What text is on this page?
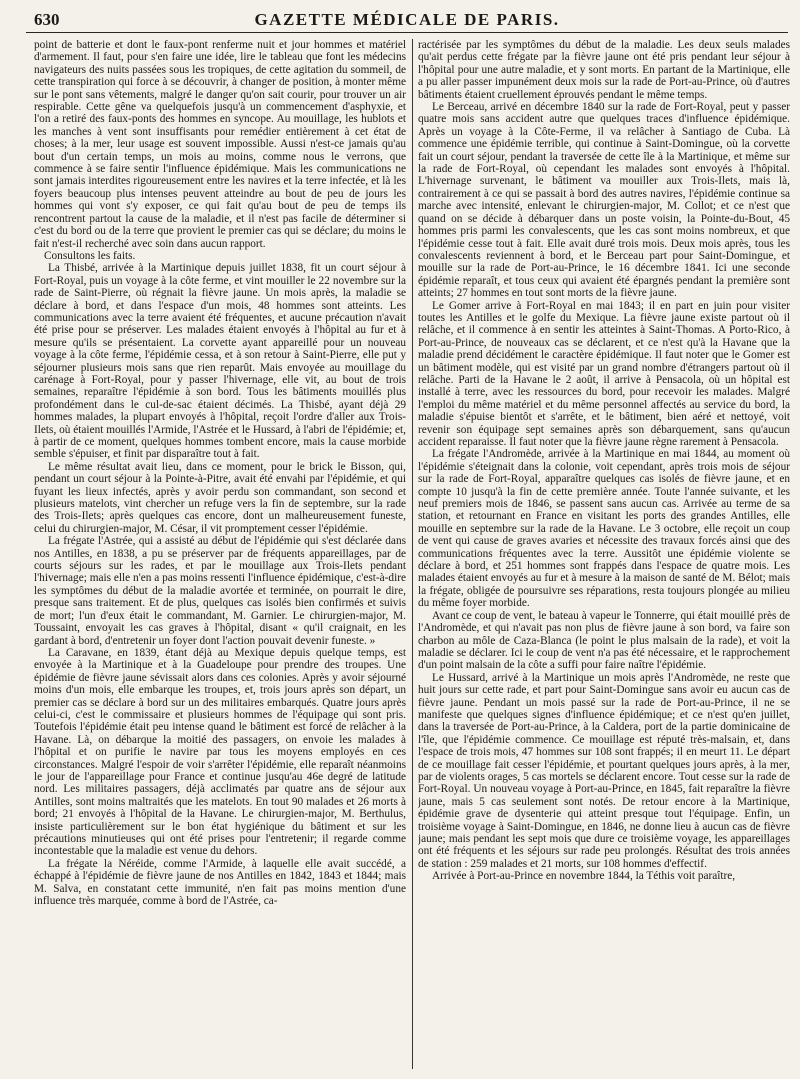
630	GAZETTE MÉDICALE DE PARIS.

point de batterie et dont le faux-pont renferme nuit et jour hommes et matériel d'armement. Il faut, pour s'en faire une idée, lire le tableau que font les médecins navigateurs des nuits passées sous les tropiques, de cette agitation du sommeil, de cette transpiration qui force à se découvrir, à changer de position, à monter même sur le pont sans vêtements, malgré le danger qu'on sait courir, pour trouver un air respirable. Cette gêne va quelquefois jusqu'à un commencement d'asphyxie, et l'on a retiré des faux-ponts des hommes en syncope. Au mouillage, les hublots et les manches à vent sont insuffisants pour remédier entièrement à cet état de choses; à la mer, leur usage est souvent impossible. Aussi n'est-ce jamais qu'au bout d'un certain temps, un mois au moins, comme nous le verrons, que commence à se faire sentir l'influence épidémique. Mais les communications ne sont jamais interdites rigoureusement entre les navires et la terre infectée, et là les foyers beaucoup plus intenses peuvent atteindre au bout de peu de jours les hommes qui vont s'y exposer, ce qui fait qu'au bout de peu de temps ils rencontrent partout la cause de la maladie, et il n'est pas facile de déterminer si c'est du bord ou de la terre que provient le premier cas qui se déclare; du moins le fait n'est-il recherché avec soin dans aucun rapport.

Consultons les faits.

La Thisbé, arrivée à la Martinique depuis juillet 1838, fit un court séjour à Fort-Royal, puis un voyage à la côte ferme, et vint mouiller le 22 novembre sur la rade de Saint-Pierre, où régnait la fièvre jaune. Un mois après, la maladie se déclare à bord, et dans l'espace d'un mois, 48 hommes sont atteints. Les communications avec la terre avaient été fréquentes, et aucune précaution n'avait été prise pour se préserver. Les malades étaient envoyés à l'hôpital au fur et à mesure qu'ils se présentaient. La corvette ayant appareillé pour un nouveau voyage à la côte ferme, l'épidémie cessa, et à son retour à Saint-Pierre, elle put y séjourner plusieurs mois sans que rien reparût. Mais envoyée au mouillage du carénage à Fort-Royal, pour y passer l'hivernage, elle vit, au bout de trois semaines, reparaître l'épidémie à son bord. Tous les bâtiments mouillés plus profondément dans le cul-de-sac étaient décimés. La Thisbé, ayant déjà 29 hommes malades, la plupart envoyés à l'hôpital, reçoit l'ordre d'aller aux Trois-Ilets, où étaient mouillés l'Armide, l'Astrée et le Hussard, à l'abri de l'épidémie; et, à partir de ce moment, quelques hommes tombent encore, mais la cause morbide semble s'épuiser, et finit par disparaître tout à fait.

Le même résultat avait lieu, dans ce moment, pour le brick le Bisson, qui, pendant un court séjour à la Pointe-à-Pitre, avait été envahi par l'épidémie, et qui fuyant les lieux infectés, après y avoir perdu son commandant, son second et plusieurs matelots, vint chercher un refuge vers la fin de septembre, sur la rade des Trois-Ilets; après quelques cas encore, dont un malheureusement funeste, celui du chirurgien-major, M. César, il vit promptement cesser l'épidémie.

La frégate l'Astrée, qui a assisté au début de l'épidémie qui s'est déclarée dans nos Antilles, en 1838, a pu se préserver par de fréquents appareillages, par de courts séjours sur les rades, et par le mouillage aux Trois-Ilets pendant l'hivernage; mais elle n'en a pas moins ressenti l'influence épidémique, c'est-à-dire les symptômes du début de la maladie avortée et terminée, on pourrait le dire, presque sans traitement. Et de plus, quelques cas isolés bien confirmés et suivis de mort; l'un d'eux était le commandant, M. Garnier. Le chirurgien-major, M. Toussaint, envoyait les cas graves à l'hôpital, disant « qu'il craignait, en les gardant à bord, d'entretenir un foyer dont l'action pouvait devenir funeste. »

La Caravane, en 1839, étant déjà au Mexique depuis quelque temps, est envoyée à la Martinique et à la Guadeloupe pour prendre des troupes. Une épidémie de fièvre jaune sévissait alors dans ces colonies. Après y avoir séjourné moins d'un mois, elle embarque les troupes, et, trois jours après son départ, un premier cas se déclare à bord sur un des militaires embarqués. Quatre jours après celui-ci, c'est le commissaire et plusieurs hommes de l'équipage qui sont pris. Toutefois l'épidémie était peu intense quand le bâtiment est forcé de relâcher à la Havane. Là, on débarque la moitié des passagers, on envoie les malades à l'hôpital et on purifie le navire par tous les moyens employés en ces circonstances. Malgré l'espoir de voir s'arrêter l'épidémie, elle reparaît néanmoins le jour de l'appareillage pour France et continue jusqu'au 46e degré de latitude nord. Les militaires passagers, déjà acclimatés par quatre ans de séjour aux Antilles, sont moins maltraités que les matelots. En tout 90 malades et 26 morts à bord; 21 envoyés à l'hôpital de la Havane. Le chirurgien-major, M. Berthulus, insiste particulièrement sur le bon état hygiénique du bâtiment et sur les précautions minutieuses qui ont été prises pour l'entretenir; il regarde comme incontestable que la maladie est venue du dehors.

La frégate la Néréide, comme l'Armide, à laquelle elle avait succédé, a échappé à l'épidémie de fièvre jaune de nos Antilles en 1842, 1843 et 1844; mais M. Salva, en constatant cette immunité, n'en fait pas moins mention d'une influence très marquée, comme à bord de l'Astrée, ca-

ractérisée par les symptômes du début de la maladie. Les deux seuls malades qu'ait perdus cette frégate par la fièvre jaune ont été pris pendant leur séjour à l'hôpital pour une autre maladie, et y sont morts. En partant de la Martinique, elle a pu aller passer impunément deux mois sur la rade de Port-au-Prince, où d'autres bâtiments étaient cruellement éprouvés pendant le même temps.

Le Berceau, arrivé en décembre 1840 sur la rade de Fort-Royal, peut y passer quatre mois sans accident autre que quelques traces d'influence épidémique. Après un voyage à la Côte-Ferme, il va relâcher à Santiago de Cuba. Là commence une épidémie terrible, qui continue à Saint-Domingue, où la corvette fait un court séjour, pendant la traversée de cette île à la Martinique, et même sur la rade de Fort-Royal, où cependant les malades sont envoyés à l'hôpital. L'hivernage survenant, le bâtiment va mouiller aux Trois-Ilets, mais là, contrairement à ce qui se passait à bord des autres navires, l'épidémie continue sa marche avec intensité, enlevant le chirurgien-major, M. Collot; et ce n'est que quand on se décide à débarquer dans un poste voisin, la Pointe-du-Bout, 45 hommes pris parmi les convalescents, que les cas sont moins nombreux, et que l'épidémie cesse tout à fait. Elle avait duré trois mois. Deux mois après, tous les convalescents reviennent à bord, et le Berceau part pour Saint-Domingue, et mouille sur la rade de Port-au-Prince, le 16 décembre 1841. Ici une seconde épidémie reparaît, et tous ceux qui avaient été épargnés pendant la première sont atteints; 27 hommes en tout sont morts de la fièvre jaune.

Le Gomer arrive à Fort-Royal en mai 1843; il en part en juin pour visiter toutes les Antilles et le golfe du Mexique. La fièvre jaune existe partout où il relâche, et il commence à en sentir les atteintes à Saint-Thomas. A Porto-Rico, à Port-au-Prince, de nouveaux cas se déclarent, et ce n'est qu'à la Havane que la maladie prend décidément le caractère épidémique. Il faut noter que le Gomer est un bâtiment modèle, qui est visité par un grand nombre d'étrangers partout où il relâche. Parti de la Havane le 2 août, il arrive à Pensacola, où un hôpital est installé à terre, avec les ressources du bord, pour recevoir les malades. Malgré l'emploi du même matériel et du même personnel affectés au service du bord, la maladie s'épuise bientôt et s'arrête, et le bâtiment, bien aéré et nettoyé, voit revenir son équipage sept semaines après son débarquement, sans qu'aucun accident reparaisse. Il faut noter que la fièvre jaune règne rarement à Pensacola.

La frégate l'Andromède, arrivée à la Martinique en mai 1844, au moment où l'épidémie s'éteignait dans la colonie, voit cependant, après trois mois de séjour sur la rade de Fort-Royal, apparaître quelques cas isolés de fièvre jaune, et en compte 10 jusqu'à la fin de cette première année. Toute l'année suivante, et les neuf premiers mois de 1846, se passent sans aucun cas. Arrivée au terme de sa station, et retournant en France en visitant les ports des grandes Antilles, elle mouille en septembre sur la rade de la Havane. Le 3 octobre, elle reçoit un coup de vent qui cause de graves avaries et nécessite des travaux forcés ainsi que des communications fréquentes avec la terre. Aussitôt une épidémie violente se déclare à bord, et 251 hommes sont frappés dans l'espace de quatre mois. Les malades étaient envoyés au fur et à mesure à la maison de santé de M. Bélot; mais la frégate, obligée de poursuivre ses réparations, resta toujours plongée au milieu du même foyer morbide.

Avant ce coup de vent, le bateau à vapeur le Tonnerre, qui était mouillé près de l'Andromède, et qui n'avait pas non plus de fièvre jaune à son bord, va faire son charbon au môle de Caza-Blanca (le point le plus malsain de la rade), et voit la maladie se déclarer. Ici le coup de vent n'a pas été nécessaire, et le rapprochement d'un point malsain de la côte a suffi pour faire naître l'épidémie.

Le Hussard, arrivé à la Martinique un mois après l'Andromède, ne reste que huit jours sur cette rade, et part pour Saint-Domingue sans avoir eu aucun cas de fièvre jaune. Pendant un mois passé sur la rade de Port-au-Prince, il ne se manifeste que quelques signes d'influence épidémique; et ce n'est qu'en juillet, dans la traversée de Port-au-Prince, à la Caldera, port de la partie dominicaine de l'île, que l'épidémie commence. Ce mouillage est réputé très-malsain, et, dans l'espace de trois mois, 47 hommes sur 108 sont frappés; il en meurt 11. Le départ de ce mouillage fait cesser l'épidémie, et pourtant quelques jours après, à la mer, par de violents orages, 5 cas mortels se déclarent encore. Tout cesse sur la rade de Fort-Royal. Un nouveau voyage à Port-au-Prince, en 1845, fait reparaître la fièvre jaune, mais 5 cas seulement sont notés. De retour encore à la Martinique, épidémie grave de dysenterie qui atteint presque tout l'équipage. Enfin, un troisième voyage à Saint-Domingue, en 1846, ne donne lieu à aucun cas de fièvre jaune; mais pendant les sept mois que dure ce troisième voyage, les appareillages ont été fréquents et les séjours sur rade peu prolongés. Résultat des trois années de station : 259 malades et 21 morts, sur 108 hommes d'effectif.

Arrivée à Port-au-Prince en novembre 1844, la Téthis voit paraître,
